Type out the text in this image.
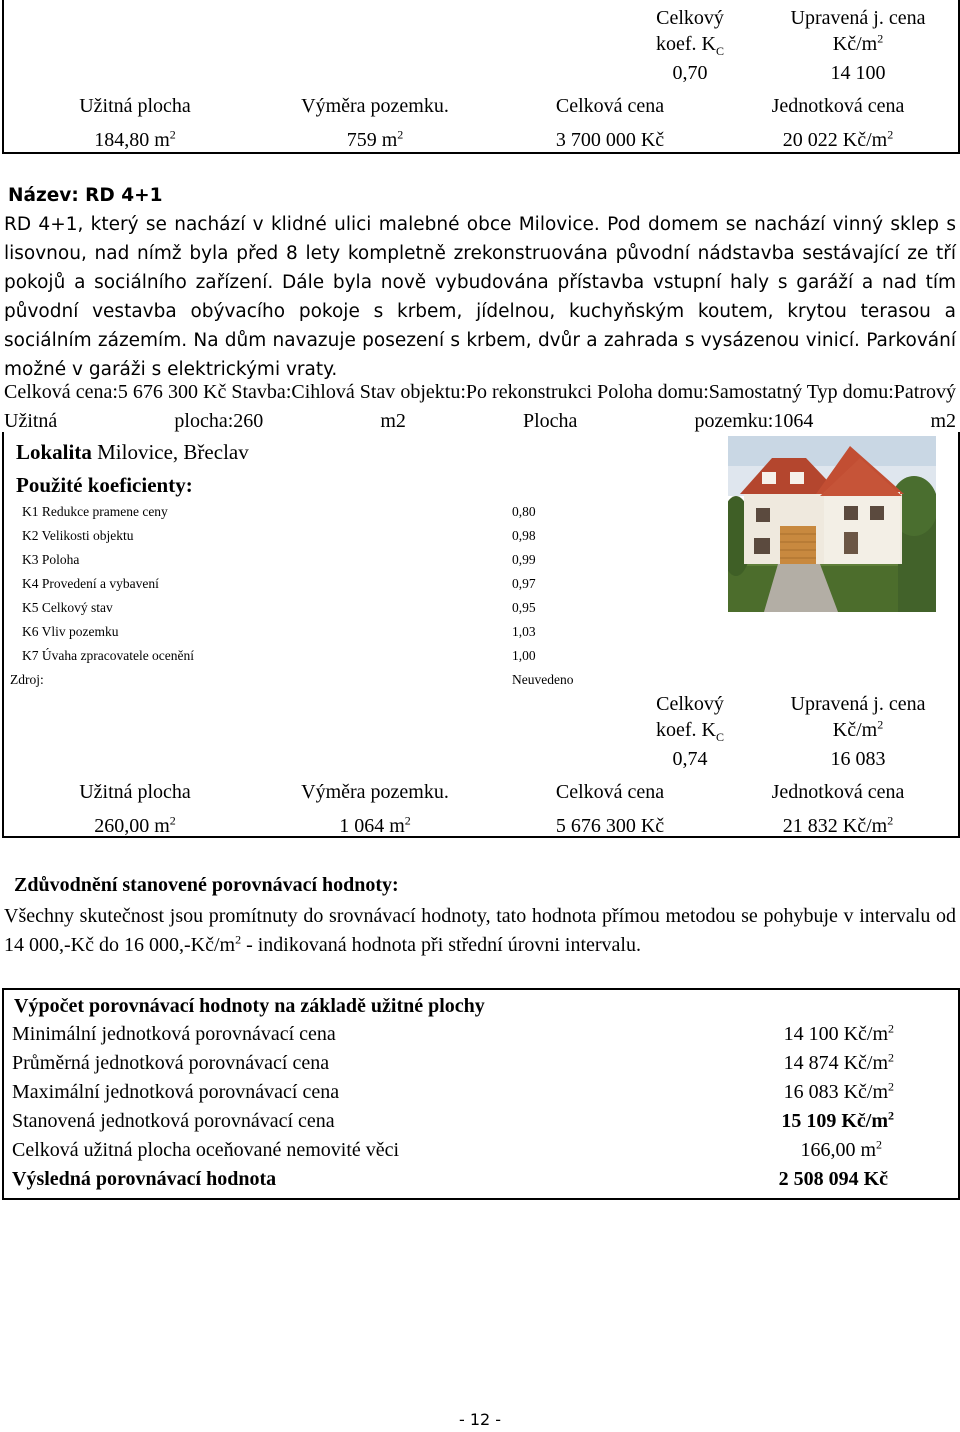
Celkový
koef. $K_C$
0,70
Upravená j. cena
$Kč/m^2$
14 100
Užitná plocha	Výměra pozemku.	Celková cena	Jednotková cena
184,80 $m^2$	759 $m^2$	3 700 000 Kč	20 022 $Kč/m^2$
Název: RD 4+1
RD 4+1, který se nachází v klidné ulici malebné obce Milovice. Pod domem se nachází vinný sklep s lisovnou, nad nímž byla před 8 lety kompletně zrekonstruována původní nádstavba sestávající ze tří pokojů a sociálního zařízení. Dále byla nově vybudována přístavba vstupní haly s garáží a nad tím původní vestavba obývacího pokoje s krbem, jídelnou, kuchyňským koutem, krytou terasou a sociálním zázemím. Na dům navazuje posezení s krbem, dvůr a zahrada s vysázenou vinicí. Parkování možné v garáži s elektrickými vraty.
Celková cena:5 676 300 Kč Stavba:Cihlová Stav objektu:Po rekonstrukci Poloha domu:Samostatný Typ domu:Patrový Užitná plocha:260 m2 Plocha pozemku:1064 m2
Lokalita Milovice, Břeclav
Použité koeficienty:
K1 Redukce pramene ceny	0,80
K2 Velikosti objektu	0,98
K3 Poloha	0,99
K4 Provedení a vybavení	0,97
K5 Celkový stav	0,95
K6 Vliv pozemku	1,03
K7 Úvaha zpracovatele ocenění	1,00
Zdroj:	Neuvedeno
Celkový
koef. $K_C$
0,74
Upravená j. cena
$Kč/m^2$
16 083
Užitná plocha	Výměra pozemku.	Celková cena	Jednotková cena
260,00 $m^2$	1 064 $m^2$	5 676 300 Kč	21 832 $Kč/m^2$
Zdůvodnění stanovené porovnávací hodnoty:
Všechny skutečnost jsou promítnuty do srovnávací hodnoty, tato hodnota přímou metodou se pohybuje v intervalu od 14 000,-Kč do 16 $000,-Kč/m^2$ - indikovaná hodnota při střední úrovni intervalu.
Výpočet porovnávací hodnoty na základě užitné plochy
Minimální jednotková porovnávací cena	14 100 $Kč/m^2$
Průměrná jednotková porovnávací cena	14 874 $Kč/m^2$
Maximální jednotková porovnávací cena	16 083 $Kč/m^2$
Stanovená jednotková porovnávací cena	15 109 $Kč/m^2$
Celková užitná plocha oceňované nemovité věci	166,00 $m^2$
Výsledná porovnávací hodnota	2 508 094 Kč
- 12 -
